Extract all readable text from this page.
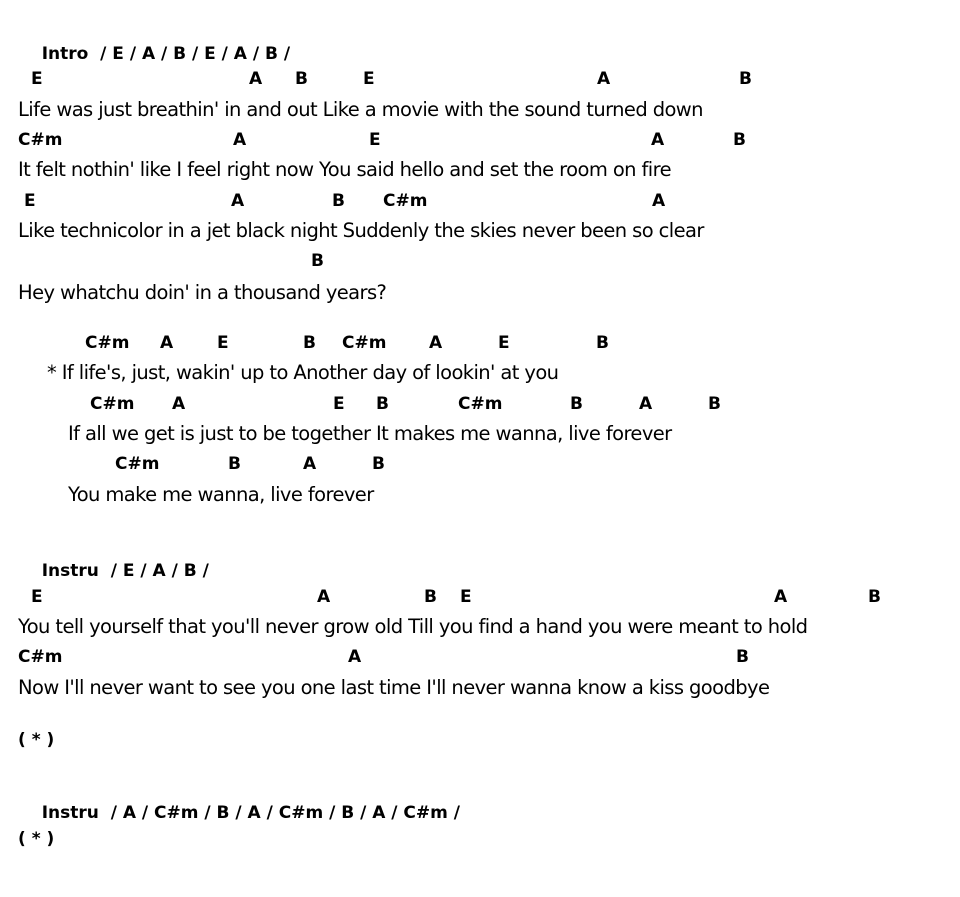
Intro / E / A / B / E / A / B /

E	A B	E	A	B
Life was just breathin' in and out Like a movie with the sound turned down
C#m	A	E	A	B
It felt nothin' like I feel right now You said hello and set the room on fire
E	A	B C#m	A
Like technicolor in a jet black night Suddenly the skies never been so clear
B
Hey whatchu doin' in a thousand years?
C#m A	E	B C#m	A	E	B
* If life's, just, wakin' up to Another day of lookin' at you
C#m A	E B	C#m	B	A	B
If all we get is just to be together It makes me wanna, live forever
C#m	B	A	B
You make me wanna, live forever

Instru / E / A / B /

E	A	B E	A	B
You tell yourself that you'll never grow old Till you find a hand you were meant to hold
C#m	A	B
Now I'll never want to see you one last time I'll never wanna know a kiss goodbye
( * )

Instru / A / C#m / B / A / C#m / B / A / C#m /

( * )
